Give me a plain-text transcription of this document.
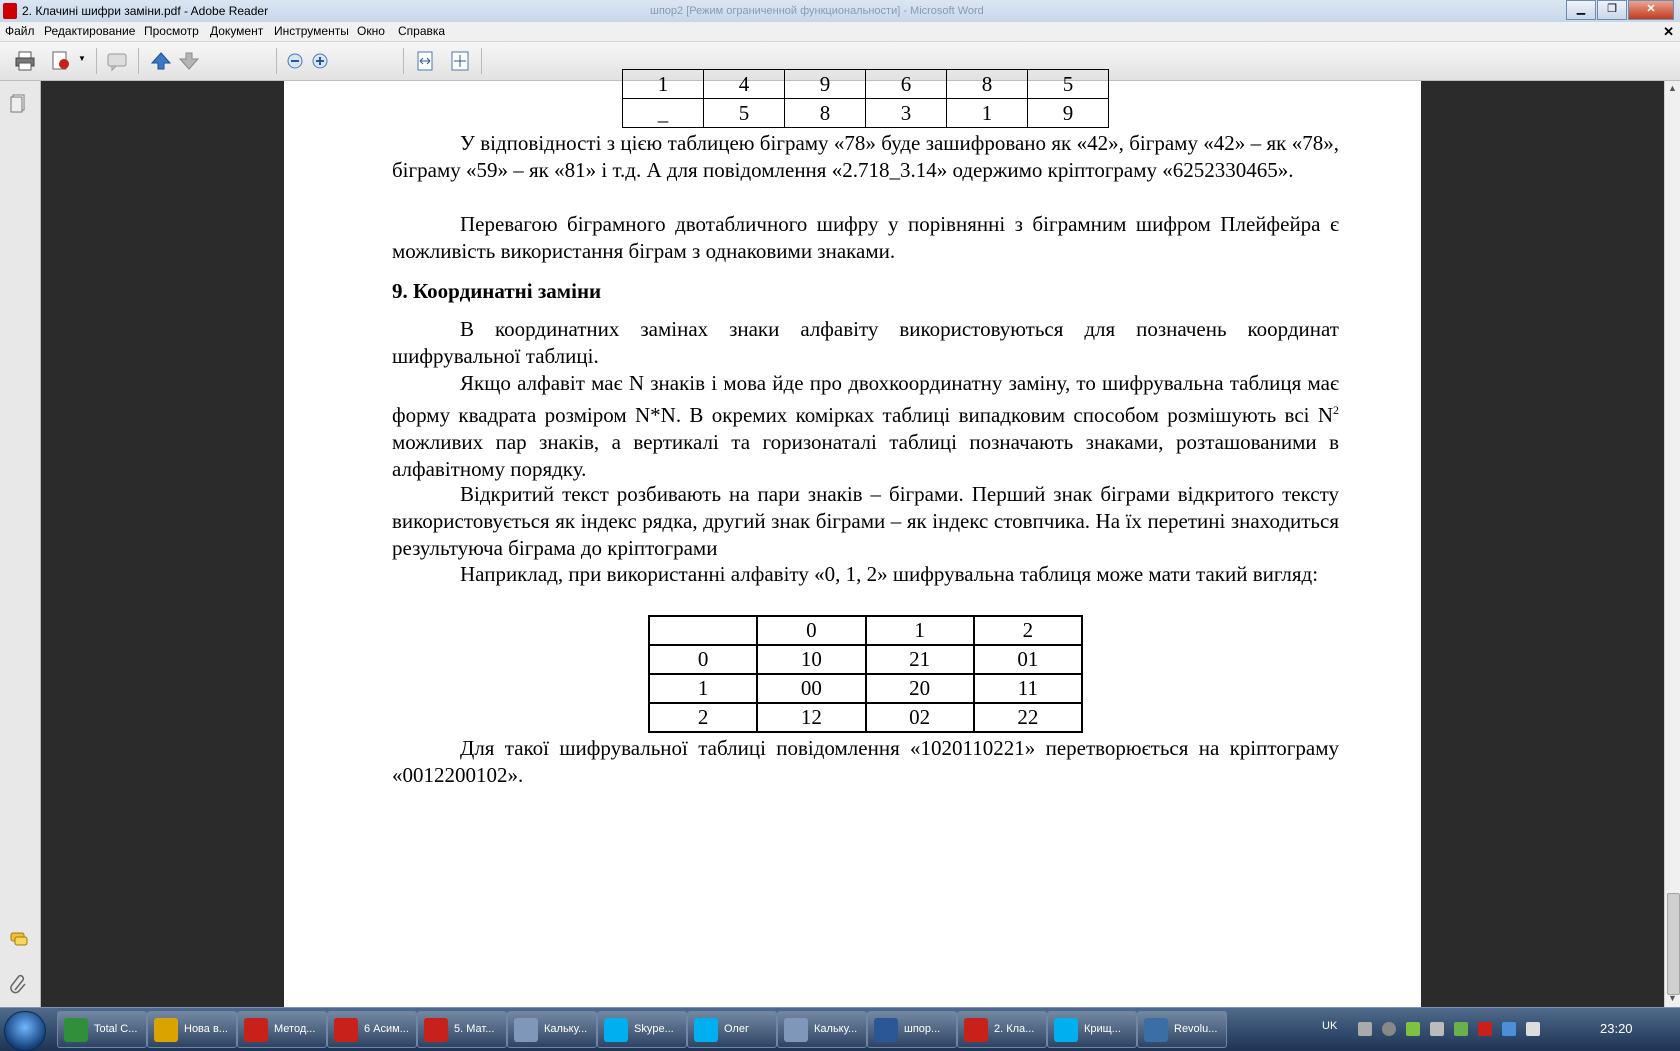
2. Клачині шифри заміни.pdf - Adobe Reader	шпор2 [Режим ограниченной функциональности] - Microsoft Word	▁	❐	✕
Файл Редактирование Просмотр Документ Инструменты Окно Справка	✕
▼
1	4	9	6	8	5
_	5	8	3	1	9
У відповідності з цією таблицею біграму «78» буде зашифровано як «42», біграму «42» – як «78», біграму «59» – як «81» і т.д. А для повідомлення «2.718_3.14» одержимо кріптограму «6252330465».
Перевагою біграмного двотабличного шифру у порівнянні з біграмним шифром Плейфейра є можливість використання біграм з однаковими знаками.
9. Координатні заміни
В координатних замінах знаки алфавіту використовуються для позначень координат шифрувальної таблиці.
Якщо алфавіт має N знаків і мова йде про двохкоординатну заміну, то шифрувальна таблиця має форму квадрата розміром N*N. В окремих комірках таблиці випадковим способом розмішують всі $N^2$ можливих пар знаків, а вертикалі та горизонаталі таблиці позначають знаками, розташованими в алфавітному порядку.
Відкритий текст розбивають на пари знаків – біграми. Перший знак біграми відкритого тексту використовується як індекс рядка, другий знак біграми – як індекс стовпчика. На їх перетині знаходиться результуюча біграма до кріптограми
Наприклад, при використанні алфавіту «0, 1, 2» шифрувальна таблиця може мати такий вигляд:
	0	1	2
0	10	21	01
1	00	20	11
2	12	02	22
Для такої шифрувальної таблиці повідомлення «1020110221» перетворюється на кріптограму «0012200102».
▲
▼
Total C...	Нова в...	Метод...	6 Асим...	5. Мат...	Кальку...	Skype...	Олег	Кальку...	шпор...	2. Кла...	Крищ...	Revolu...	UK	23:20
